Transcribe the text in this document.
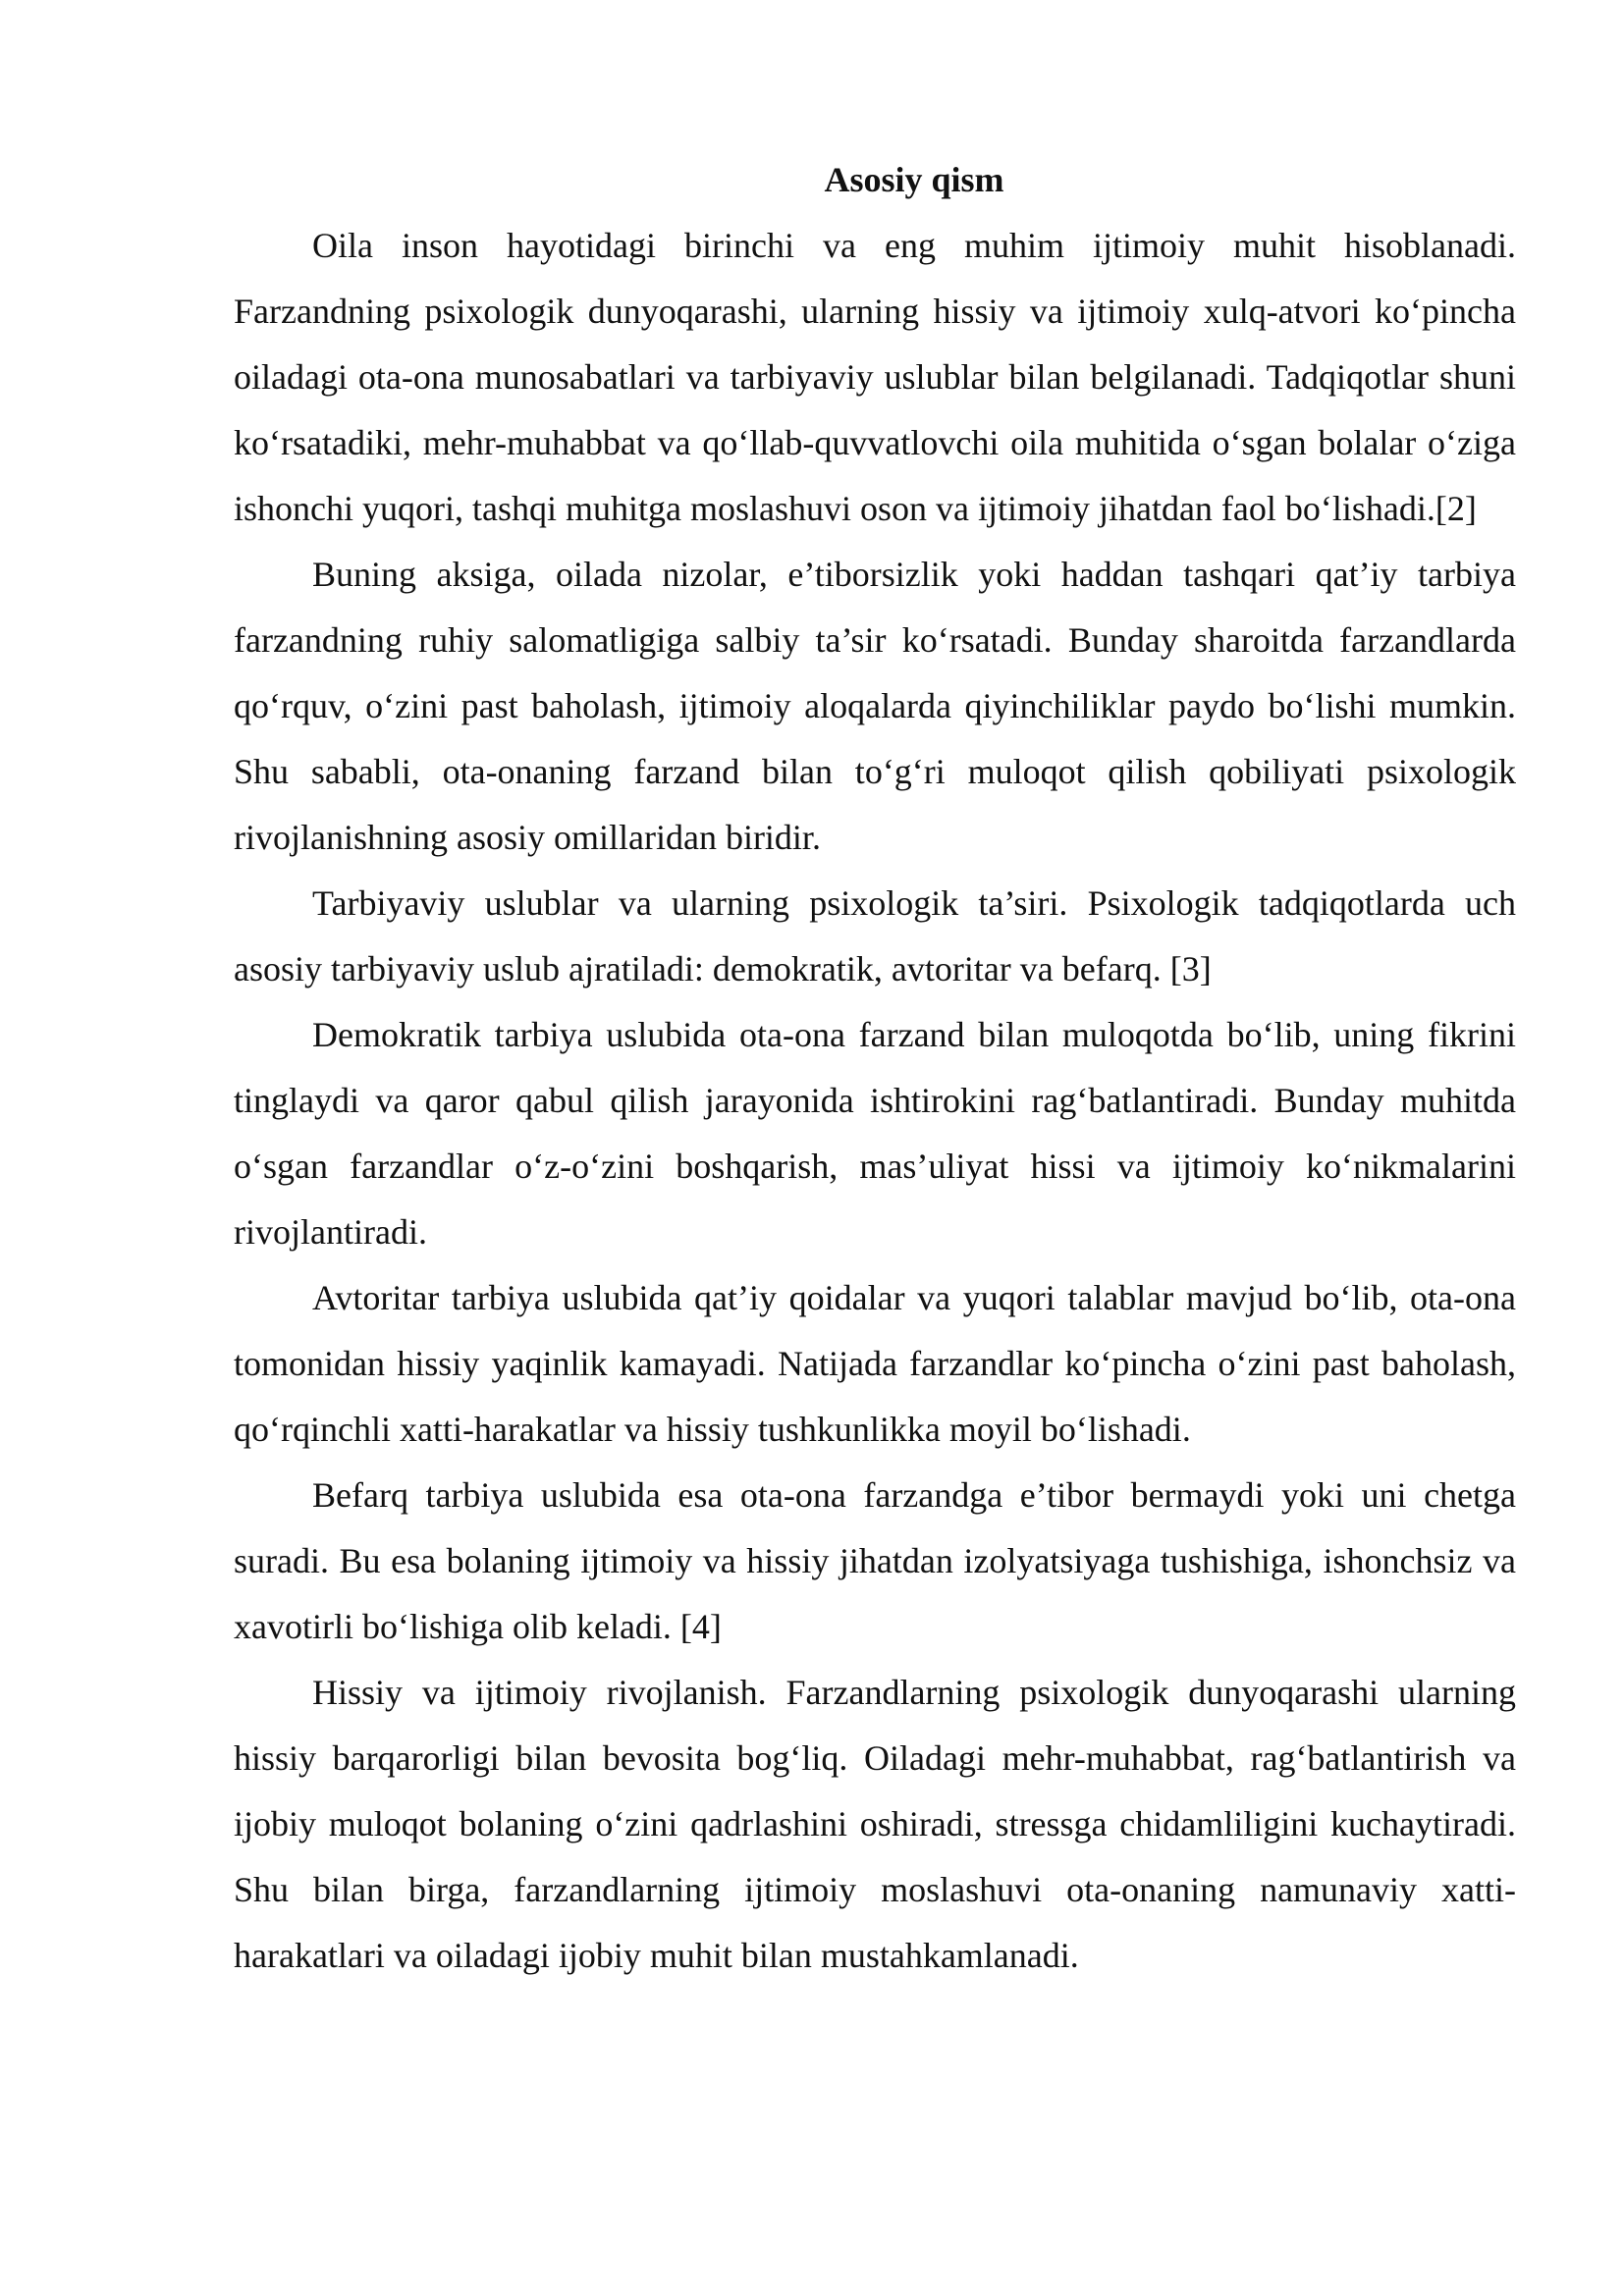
Asosiy qism

Oila inson hayotidagi birinchi va eng muhim ijtimoiy muhit hisoblanadi. Farzandning psixologik dunyoqarashi, ularning hissiy va ijtimoiy xulq-atvori ko‘pincha oiladagi ota-ona munosabatlari va tarbiyaviy uslublar bilan belgilanadi. Tadqiqotlar shuni ko‘rsatadiki, mehr-muhabbat va qo‘llab-quvvatlovchi oila muhitida o‘sgan bolalar o‘ziga ishonchi yuqori, tashqi muhitga moslashuvi oson va ijtimoiy jihatdan faol bo‘lishadi.[2]

Buning aksiga, oilada nizolar, e’tiborsizlik yoki haddan tashqari qat’iy tarbiya farzandning ruhiy salomatligiga salbiy ta’sir ko‘rsatadi. Bunday sharoitda farzandlarda qo‘rquv, o‘zini past baholash, ijtimoiy aloqalarda qiyinchiliklar paydo bo‘lishi mumkin. Shu sababli, ota-onaning farzand bilan to‘g‘ri muloqot qilish qobiliyati psixologik rivojlanishning asosiy omillaridan biridir.

Tarbiyaviy uslublar va ularning psixologik ta’siri. Psixologik tadqiqotlarda uch asosiy tarbiyaviy uslub ajratiladi: demokratik, avtoritar va befarq. [3]

Demokratik tarbiya uslubida ota-ona farzand bilan muloqotda bo‘lib, uning fikrini tinglaydi va qaror qabul qilish jarayonida ishtirokini rag‘batlantiradi. Bunday muhitda o‘sgan farzandlar o‘z-o‘zini boshqarish, mas’uliyat hissi va ijtimoiy ko‘nikmalarini rivojlantiradi.

Avtoritar tarbiya uslubida qat’iy qoidalar va yuqori talablar mavjud bo‘lib, ota-ona tomonidan hissiy yaqinlik kamayadi. Natijada farzandlar ko‘pincha o‘zini past baholash, qo‘rqinchli xatti-harakatlar va hissiy tushkunlikka moyil bo‘lishadi.

Befarq tarbiya uslubida esa ota-ona farzandga e’tibor bermaydi yoki uni chetga suradi. Bu esa bolaning ijtimoiy va hissiy jihatdan izolyatsiyaga tushishiga, ishonchsiz va xavotirli bo‘lishiga olib keladi. [4]

Hissiy va ijtimoiy rivojlanish. Farzandlarning psixologik dunyoqarashi ularning hissiy barqarorligi bilan bevosita bog‘liq. Oiladagi mehr-muhabbat, rag‘batlantirish va ijobiy muloqot bolaning o‘zini qadrlashini oshiradi, stressga chidamliligini kuchaytiradi. Shu bilan birga, farzandlarning ijtimoiy moslashuvi ota-onaning namunaviy xatti-harakatlari va oiladagi ijobiy muhit bilan mustahkamlanadi.
